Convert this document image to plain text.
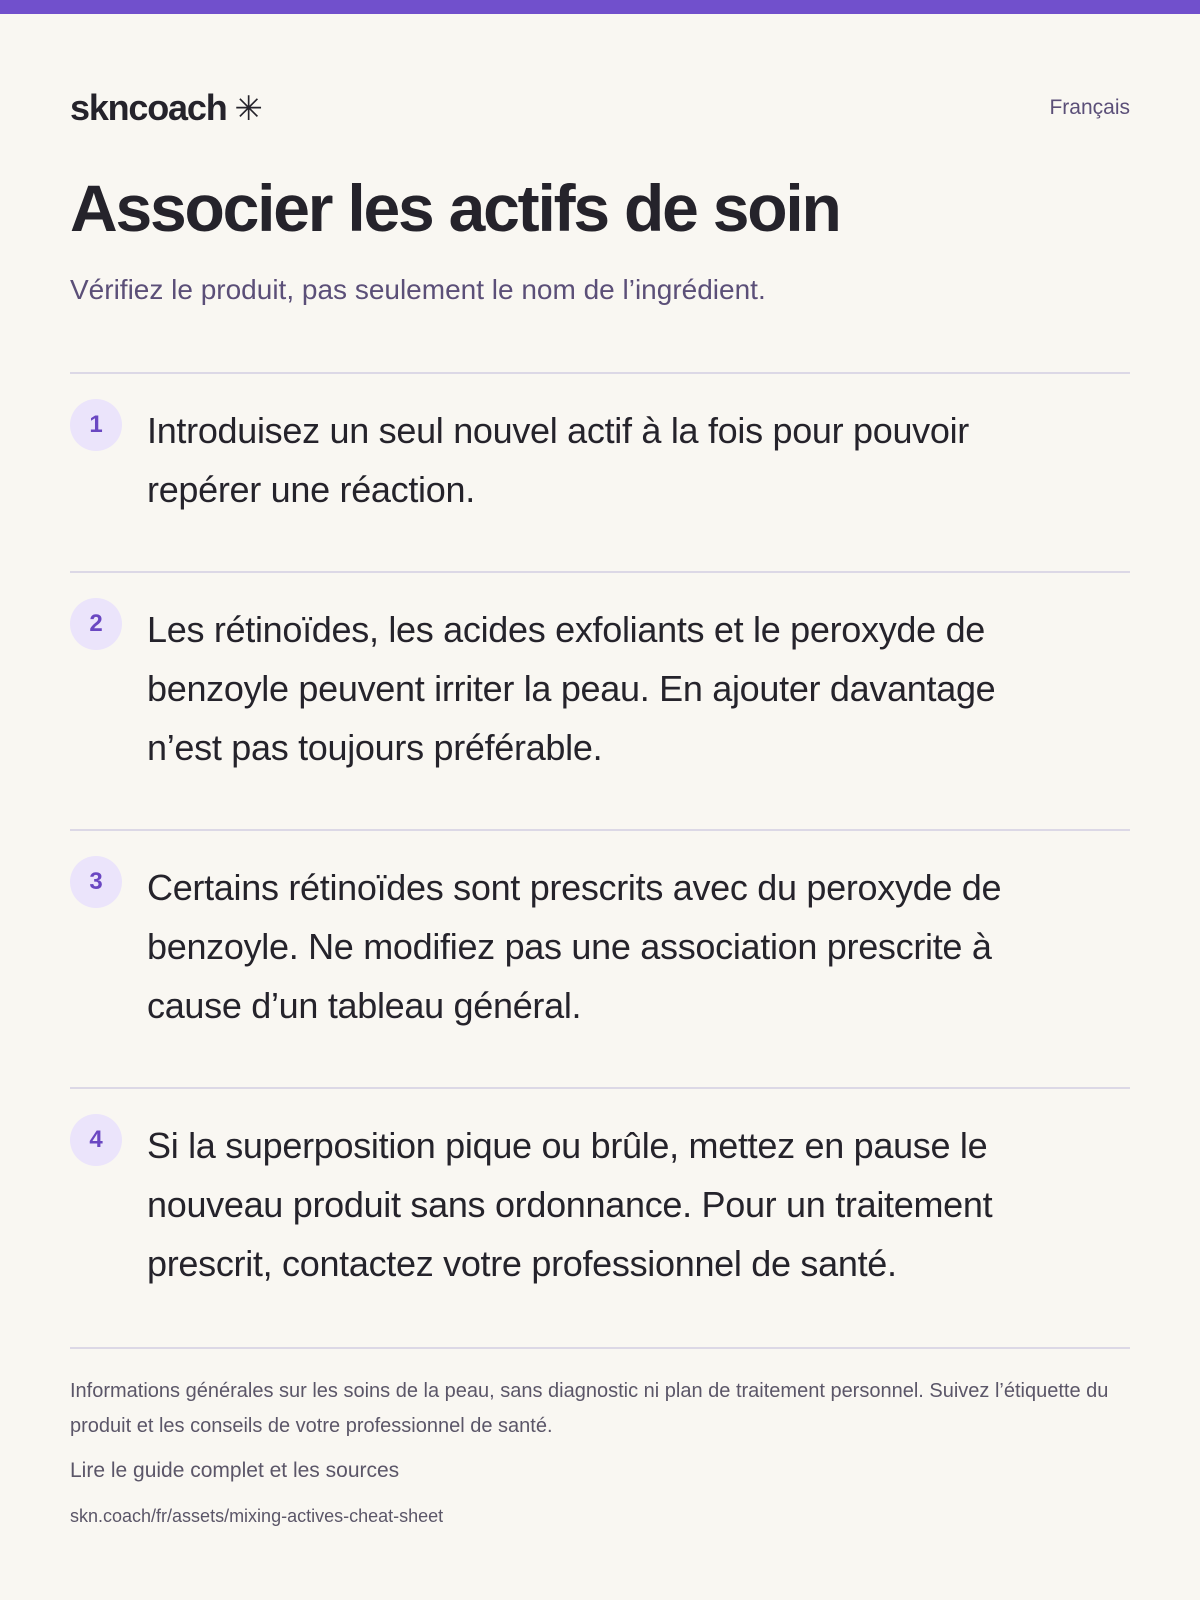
skncoach ✳	Français
Associer les actifs de soin

Vérifiez le produit, pas seulement le nom de l’ingrédient.

1	Introduisez un seul nouvel actif à la fois pour pouvoir repérer une réaction.

2	Les rétinoïdes, les acides exfoliants et le peroxyde de benzoyle peuvent irriter la peau. En ajouter davantage n’est pas toujours préférable.

3	Certains rétinoïdes sont prescrits avec du peroxyde de benzoyle. Ne modifiez pas une association prescrite à cause d’un tableau général.

4	Si la superposition pique ou brûle, mettez en pause le nouveau produit sans ordonnance. Pour un traitement prescrit, contactez votre professionnel de santé.

Informations générales sur les soins de la peau, sans diagnostic ni plan de traitement personnel. Suivez l’étiquette du produit et les conseils de votre professionnel de santé.

Lire le guide complet et les sources

skn.coach/fr/assets/mixing-actives-cheat-sheet
